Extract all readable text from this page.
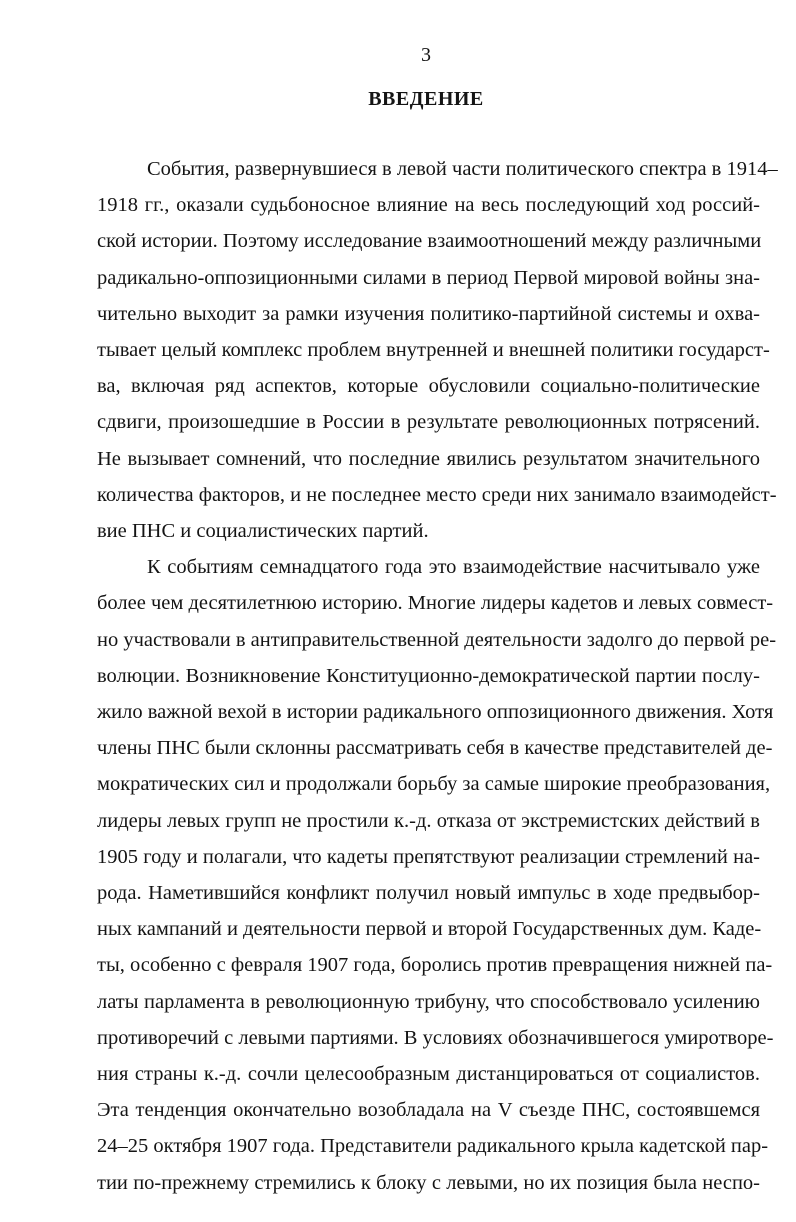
3
ВВЕДЕНИЕ
События, развернувшиеся в левой части политического спектра в 1914–
1918 гг., оказали судьбоносное влияние на весь последующий ход россий-
ской истории. Поэтому исследование взаимоотношений между различными
радикально-оппозиционными силами в период Первой мировой войны зна-
чительно выходит за рамки изучения политико-партийной системы и охва-
тывает целый комплекс проблем внутренней и внешней политики государст-
ва, включая ряд аспектов, которые обусловили социально-политические
сдвиги, произошедшие в России в результате революционных потрясений.
Не вызывает сомнений, что последние явились результатом значительного
количества факторов, и не последнее место среди них занимало взаимодейст-
вие ПНС и социалистических партий.
К событиям семнадцатого года это взаимодействие насчитывало уже
более чем десятилетнюю историю. Многие лидеры кадетов и левых совмест-
но участвовали в антиправительственной деятельности задолго до первой ре-
волюции. Возникновение Конституционно-демократической партии послу-
жило важной вехой в истории радикального оппозиционного движения. Хотя
члены ПНС были склонны рассматривать себя в качестве представителей де-
мократических сил и продолжали борьбу за самые широкие преобразования,
лидеры левых групп не простили к.-д. отказа от экстремистских действий в
1905 году и полагали, что кадеты препятствуют реализации стремлений на-
рода. Наметившийся конфликт получил новый импульс в ходе предвыбор-
ных кампаний и деятельности первой и второй Государственных дум. Каде-
ты, особенно с февраля 1907 года, боролись против превращения нижней па-
латы парламента в революционную трибуну, что способствовало усилению
противоречий с левыми партиями. В условиях обозначившегося умиротворе-
ния страны к.-д. сочли целесообразным дистанцироваться от социалистов.
Эта тенденция окончательно возобладала на V съезде ПНС, состоявшемся
24–25 октября 1907 года. Представители радикального крыла кадетской пар-
тии по-прежнему стремились к блоку с левыми, но их позиция была неспо-
